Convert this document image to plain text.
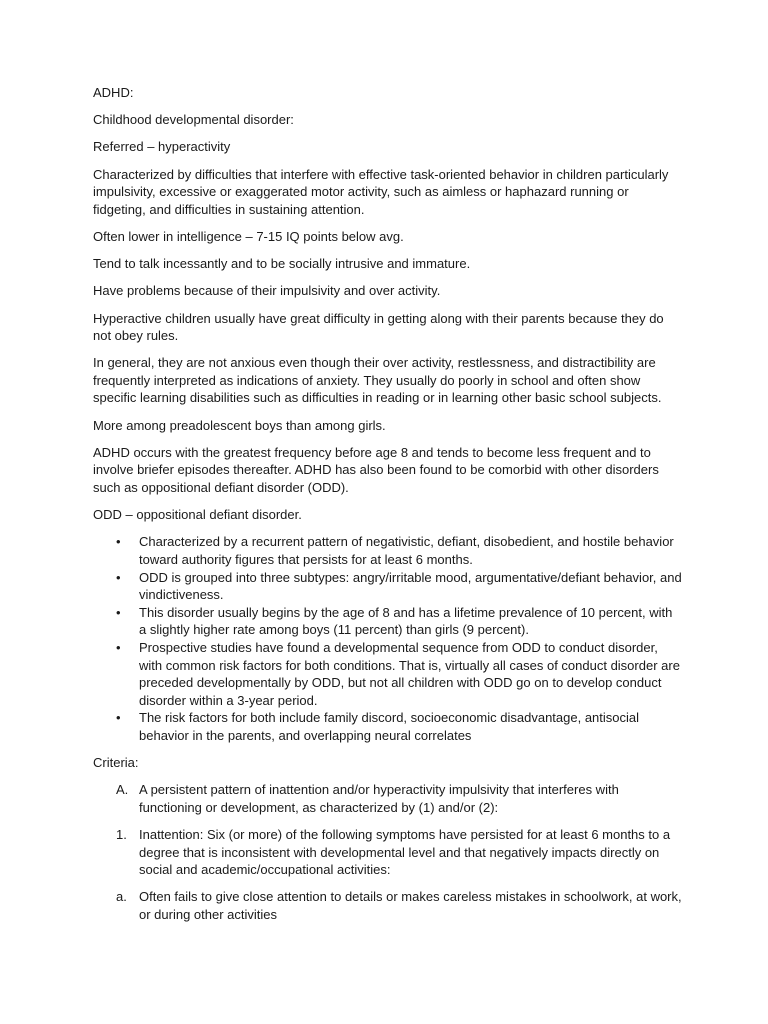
ADHD:

Childhood developmental disorder:

Referred – hyperactivity

Characterized by difficulties that interfere with effective task-oriented behavior in children particularly impulsivity, excessive or exaggerated motor activity, such as aimless or haphazard running or fidgeting, and difficulties in sustaining attention.

Often lower in intelligence – 7-15 IQ points below avg.

Tend to talk incessantly and to be socially intrusive and immature.

Have problems because of their impulsivity and over activity.

Hyperactive children usually have great difficulty in getting along with their parents because they do not obey rules.

In general, they are not anxious even though their over activity, restlessness, and distractibility are frequently interpreted as indications of anxiety. They usually do poorly in school and often show specific learning disabilities such as difficulties in reading or in learning other basic school subjects.

More among preadolescent boys than among girls.

ADHD occurs with the greatest frequency before age 8 and tends to become less frequent and to involve briefer episodes thereafter. ADHD has also been found to be comorbid with other disorders such as oppositional defiant disorder (ODD).

ODD – oppositional defiant disorder.

• Characterized by a recurrent pattern of negativistic, defiant, disobedient, and hostile behavior toward authority figures that persists for at least 6 months.
• ODD is grouped into three subtypes: angry/irritable mood, argumentative/defiant behavior, and vindictiveness.
• This disorder usually begins by the age of 8 and has a lifetime prevalence of 10 percent, with a slightly higher rate among boys (11 percent) than girls (9 percent).
• Prospective studies have found a developmental sequence from ODD to conduct disorder, with common risk factors for both conditions. That is, virtually all cases of conduct disorder are preceded developmentally by ODD, but not all children with ODD go on to develop conduct disorder within a 3-year period.
• The risk factors for both include family discord, socioeconomic disadvantage, antisocial behavior in the parents, and overlapping neural correlates

Criteria:

A. A persistent pattern of inattention and/or hyperactivity impulsivity that interferes with functioning or development, as characterized by (1) and/or (2):
1. Inattention: Six (or more) of the following symptoms have persisted for at least 6 months to a degree that is inconsistent with developmental level and that negatively impacts directly on social and academic/occupational activities:
a. Often fails to give close attention to details or makes careless mistakes in schoolwork, at work, or during other activities
